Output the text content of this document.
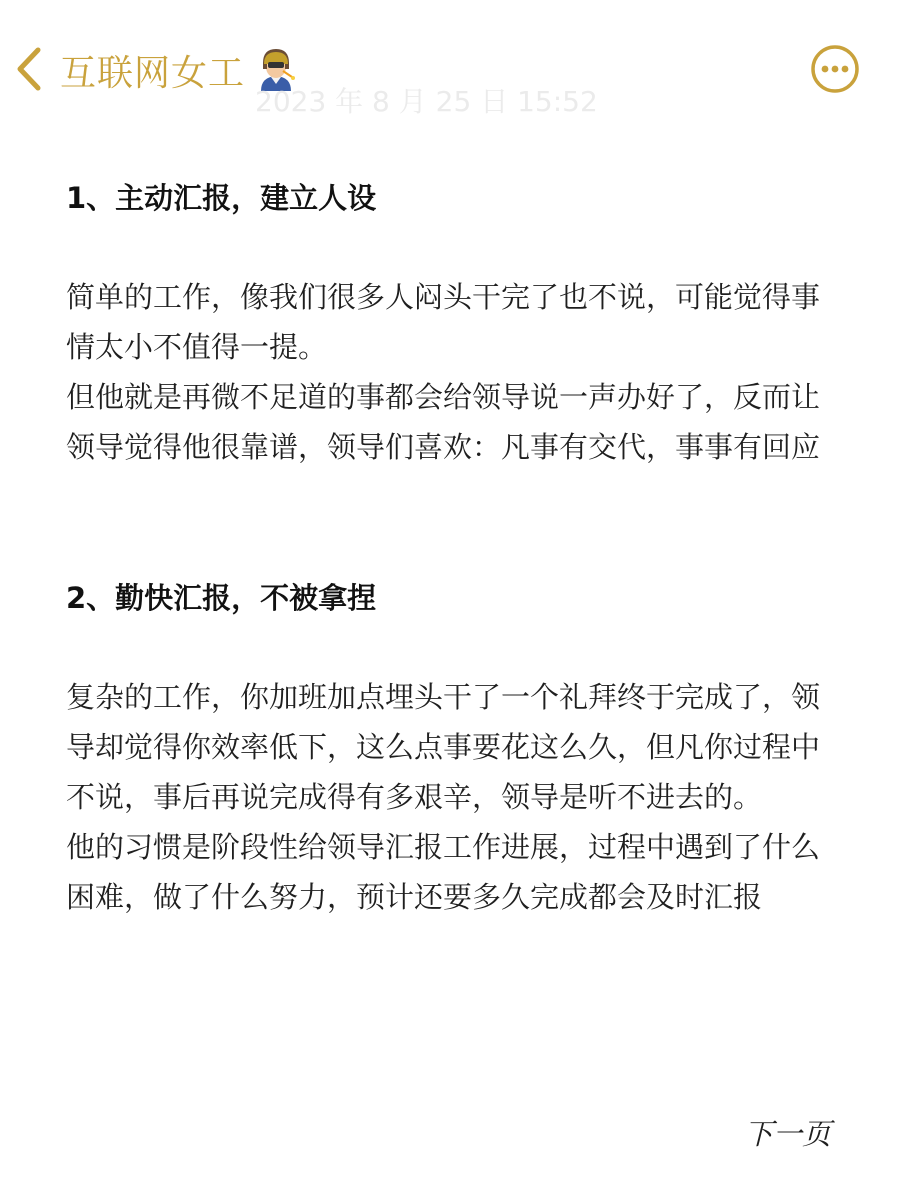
互联网女工
2023 年 8 月 25 日 15:52
1、主动汇报，建立人设

简单的工作，像我们很多人闷头干完了也不说，可能觉得事情太小不值得一提。

但他就是再微不足道的事都会给领导说一声办好了，反而让领导觉得他很靠谱，领导们喜欢：凡事有交代，事事有回应

2、勤快汇报，不被拿捏

复杂的工作，你加班加点埋头干了一个礼拜终于完成了，领导却觉得你效率低下，这么点事要花这么久，但凡你过程中不说，事后再说完成得有多艰辛，领导是听不进去的。

他的习惯是阶段性给领导汇报工作进展，过程中遇到了什么困难，做了什么努力，预计还要多久完成都会及时汇报

下一页
